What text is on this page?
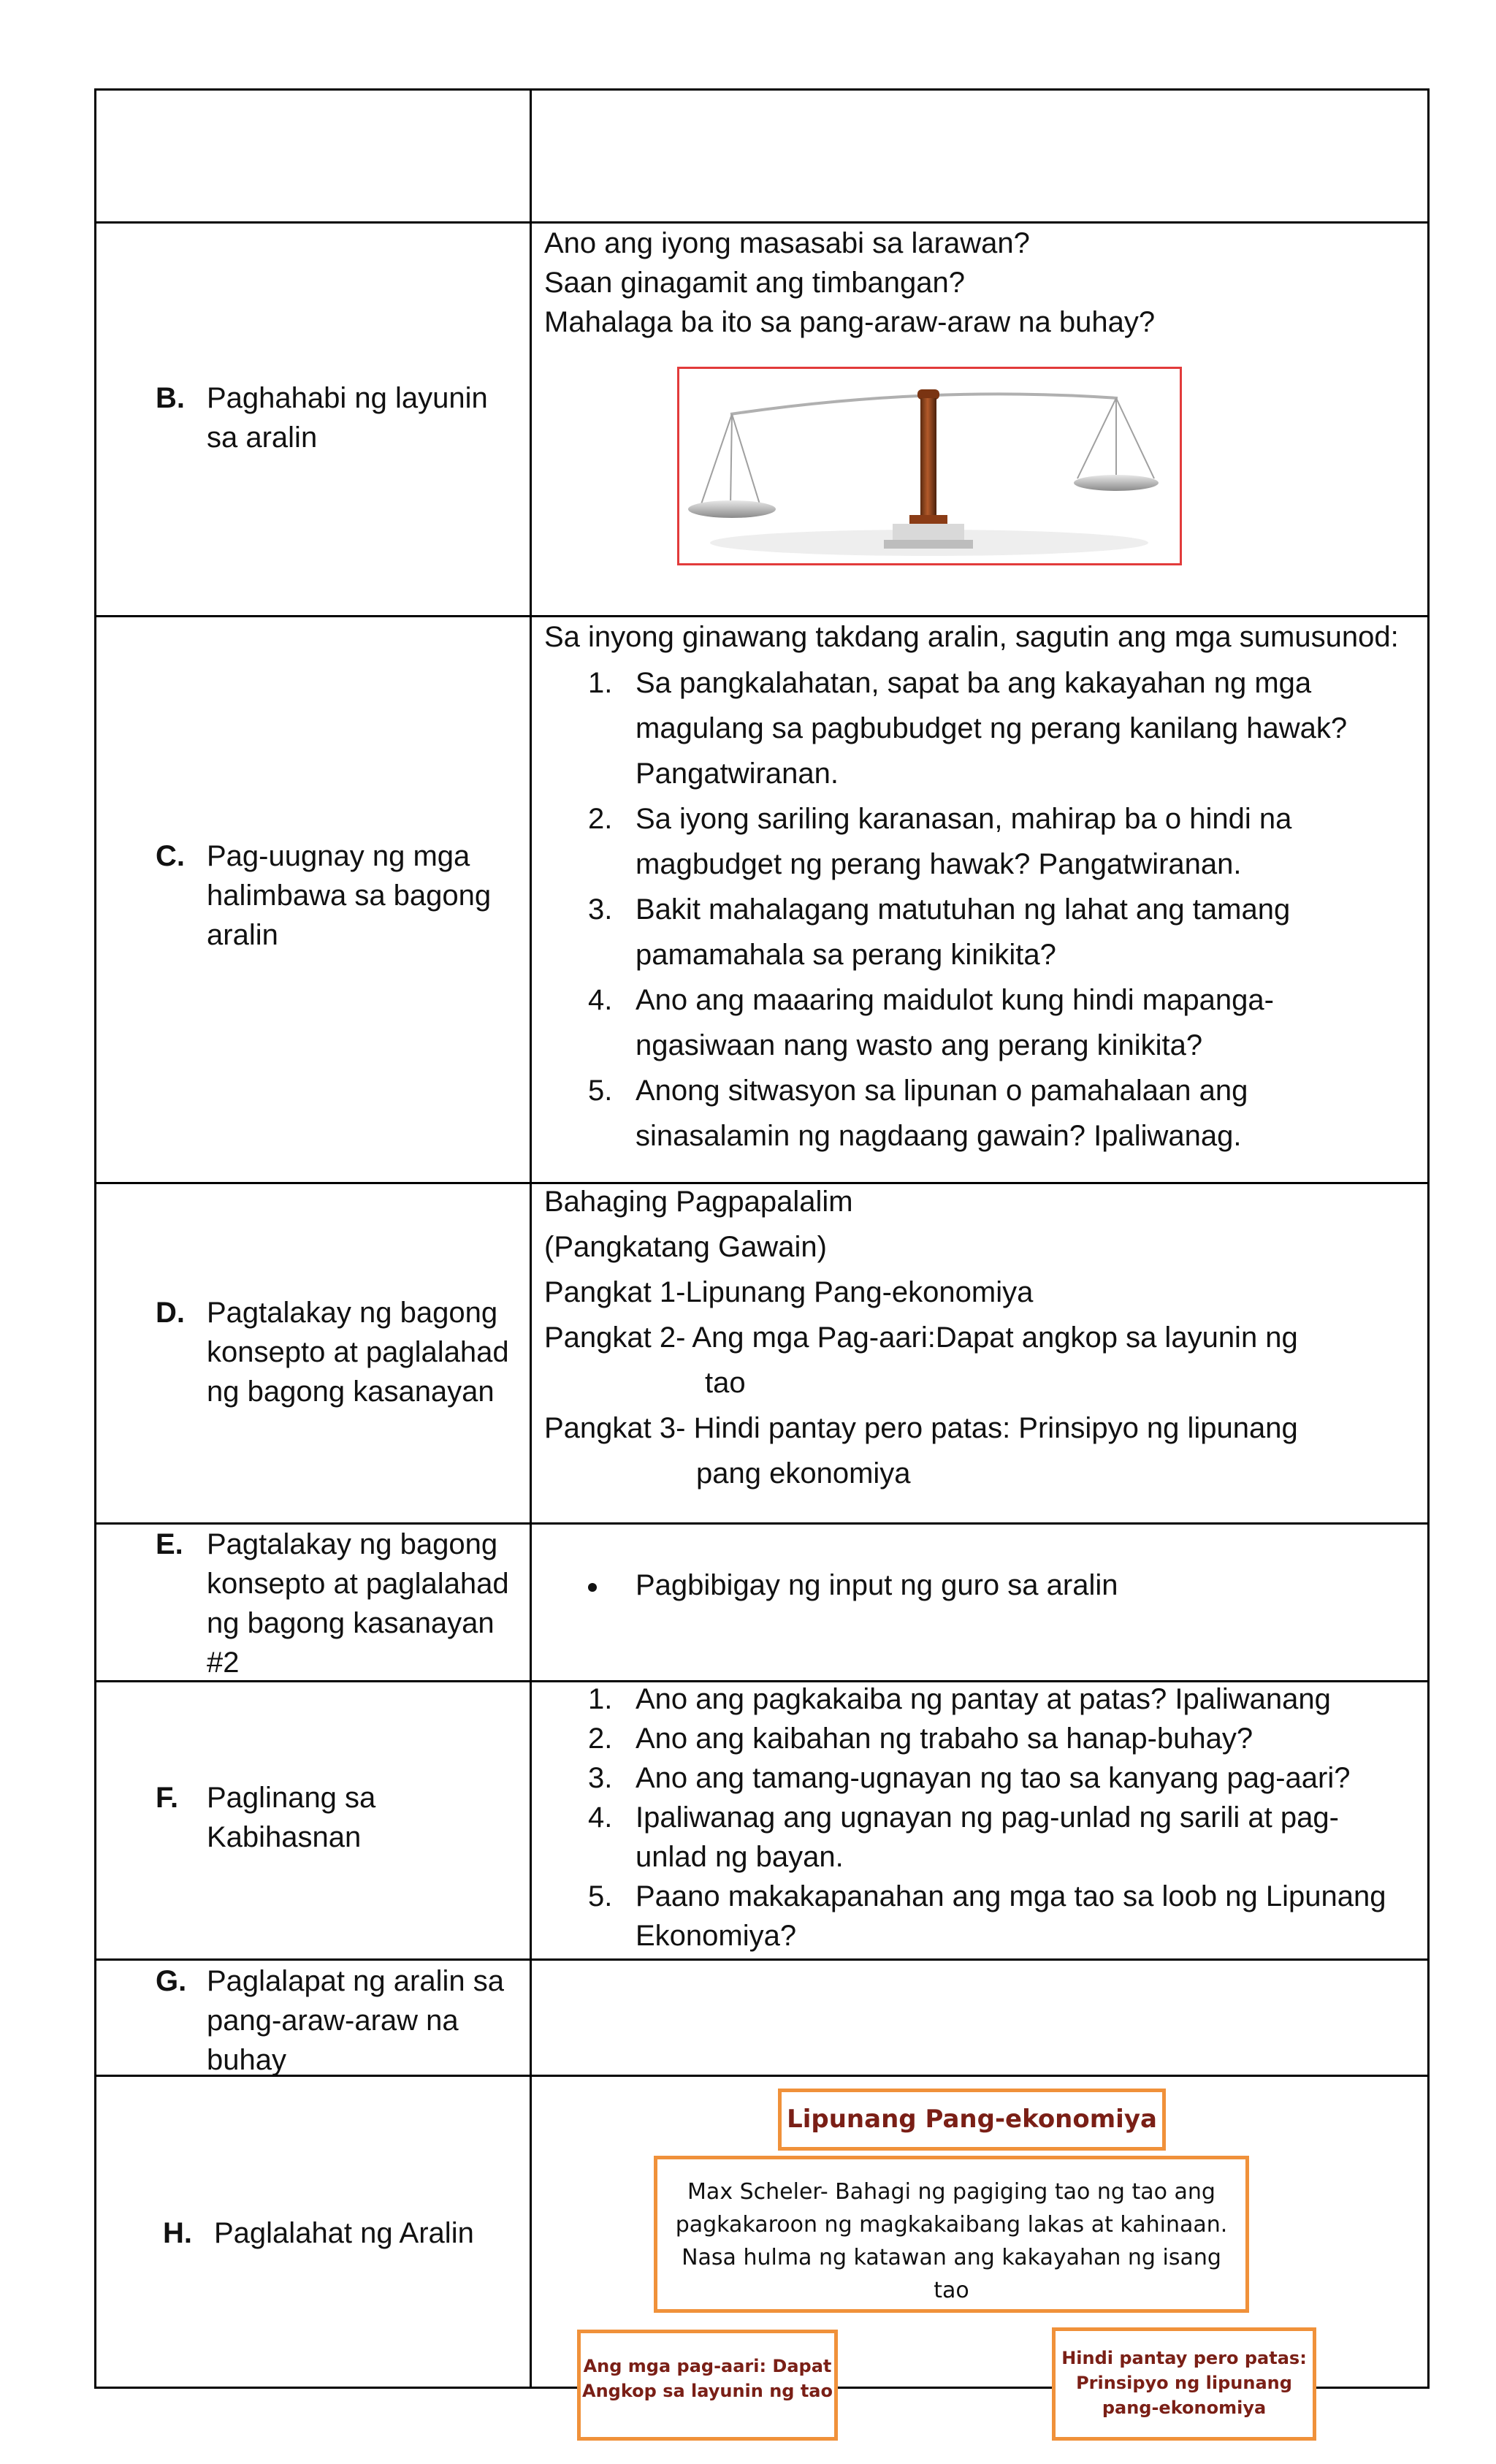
B. Paghahabi ng layunin
sa aralin
Ano ang iyong masasabi sa larawan?
Saan ginagamit ang timbangan?
Mahalaga ba ito sa pang-araw-araw na buhay?
C. Pag-uugnay ng mga
halimbawa sa bagong
aralin
Sa inyong ginawang takdang aralin, sagutin ang mga sumusunod:
1. Sa pangkalahatan, sapat ba ang kakayahan ng mga
magulang sa pagbubudget ng perang kanilang hawak?
Pangatwiranan.
2. Sa iyong sariling karanasan, mahirap ba o hindi na
magbudget ng perang hawak? Pangatwiranan.
3. Bakit mahalagang matutuhan ng lahat ang tamang
pamamahala sa perang kinikita?
4. Ano ang maaaring maidulot kung hindi mapanga-
ngasiwaan nang wasto ang perang kinikita?
5. Anong sitwasyon sa lipunan o pamahalaan ang
sinasalamin ng nagdaang gawain? Ipaliwanag.
D. Pagtalakay ng bagong
konsepto at paglalahad
ng bagong kasanayan
Bahaging Pagpapalalim
(Pangkatang Gawain)
Pangkat 1-Lipunang Pang-ekonomiya
Pangkat 2- Ang mga Pag-aari:Dapat angkop sa layunin ng
tao
Pangkat 3- Hindi pantay pero patas: Prinsipyo ng lipunang
pang ekonomiya
E. Pagtalakay ng bagong
konsepto at paglalahad
ng bagong kasanayan
#2
Pagbibigay ng input ng guro sa aralin
F. Paglinang sa
Kabihasnan
1. Ano ang pagkakaiba ng pantay at patas? Ipaliwanang
2. Ano ang kaibahan ng trabaho sa hanap-buhay?
3. Ano ang tamang-ugnayan ng tao sa kanyang pag-aari?
4. Ipaliwanag ang ugnayan ng pag-unlad ng sarili at pag-
unlad ng bayan.
5. Paano makakapanahan ang mga tao sa loob ng Lipunang
Ekonomiya?
G. Paglalapat ng aralin sa
pang-araw-araw na
buhay
H. Paglalahat ng Aralin
Lipunang Pang-ekonomiya
Max Scheler- Bahagi ng pagiging tao ng tao ang
pagkakaroon ng magkakaibang lakas at kahinaan.
Nasa hulma ng katawan ang kakayahan ng isang
tao
Ang mga pag-aari: Dapat
Angkop sa layunin ng tao
Hindi pantay pero patas:
Prinsipyo ng lipunang
pang-ekonomiya
